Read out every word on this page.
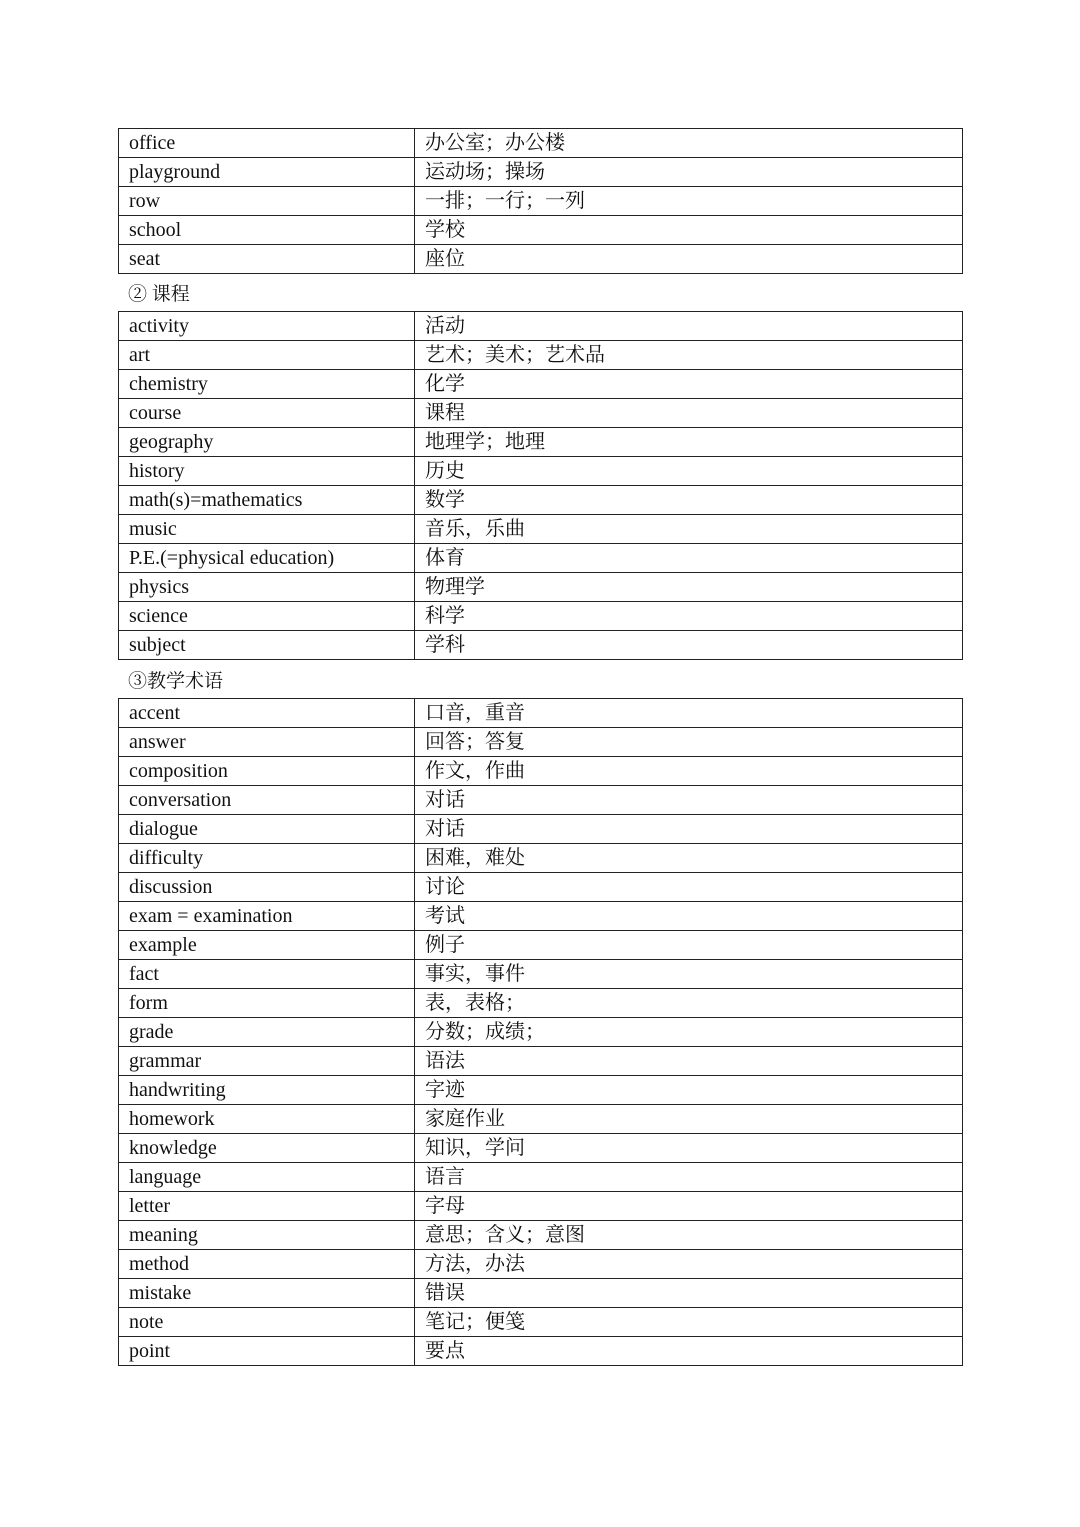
office	办公室；办公楼
playground	运动场；操场
row	一排；一行；一列
school	学校
seat	座位
② 课程
activity	活动
art	艺术；美术；艺术品
chemistry	化学
course	课程
geography	地理学；地理
history	历史
math(s)=mathematics	数学
music	音乐，乐曲
P.E.(=physical education)	体育
physics	物理学
science	科学
subject	学科
③教学术语
accent	口音，重音
answer	回答；答复
composition	作文，作曲
conversation	对话
dialogue	对话
difficulty	困难，难处
discussion	讨论
exam = examination	考试
example	例子
fact	事实，事件
form	表，表格；
grade	分数；成绩；
grammar	语法
handwriting	字迹
homework	家庭作业
knowledge	知识，学问
language	语言
letter	字母
meaning	意思；含义；意图
method	方法，办法
mistake	错误
note	笔记；便笺
point	要点
